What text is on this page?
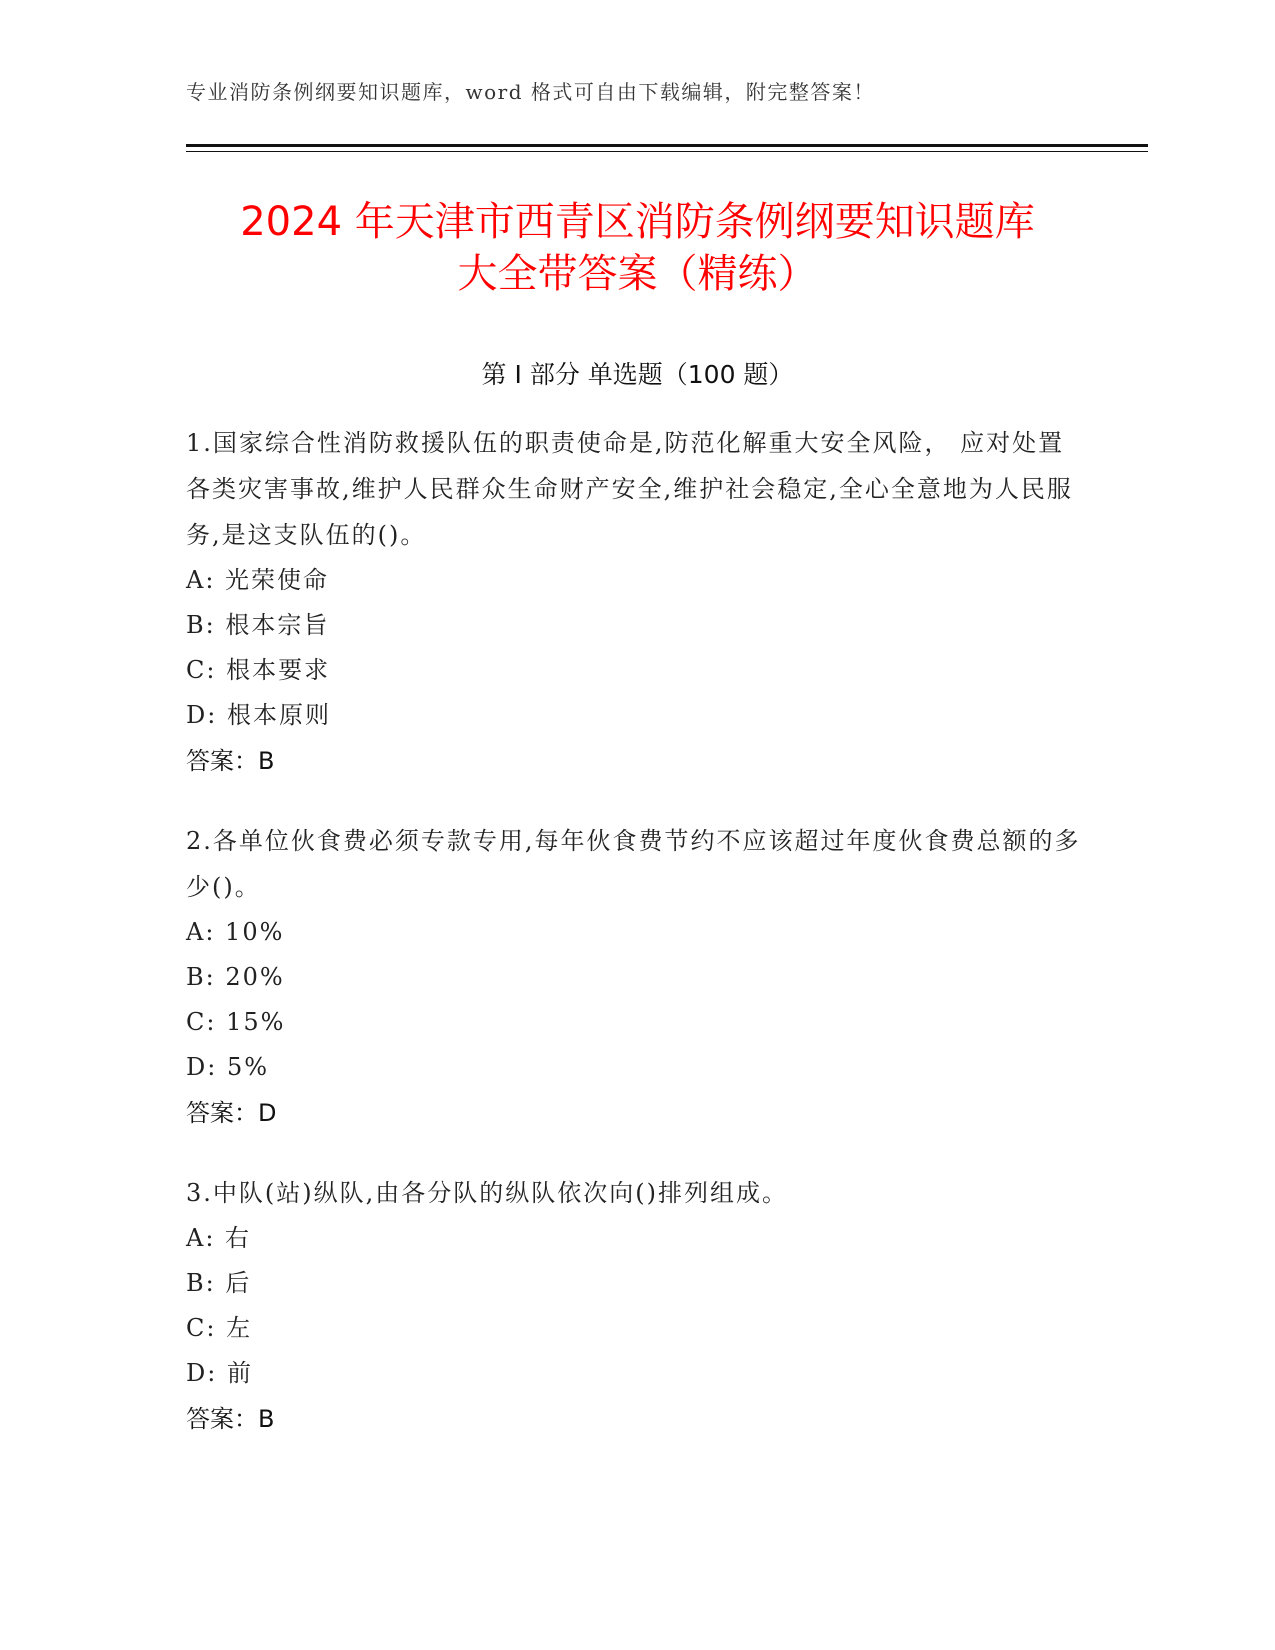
专业消防条例纲要知识题库，word 格式可自由下载编辑，附完整答案！
2024 年天津市西青区消防条例纲要知识题库
大全带答案（精练）
第 I 部分 单选题（100 题）

1.国家综合性消防救援队伍的职责使命是,防范化解重大安全风险， 应对处置各类灾害事故,维护人民群众生命财产安全,维护社会稳定,全心全意地为人民服务,是这支队伍的()。

A: 光荣使命

B: 根本宗旨

C: 根本要求

D: 根本原则

答案：B

2.各单位伙食费必须专款专用,每年伙食费节约不应该超过年度伙食费总额的多少()。

A: 10%

B: 20%

C: 15%

D: 5%

答案：D

3.中队(站)纵队,由各分队的纵队依次向()排列组成。

A: 右

B: 后

C: 左

D: 前

答案：B
